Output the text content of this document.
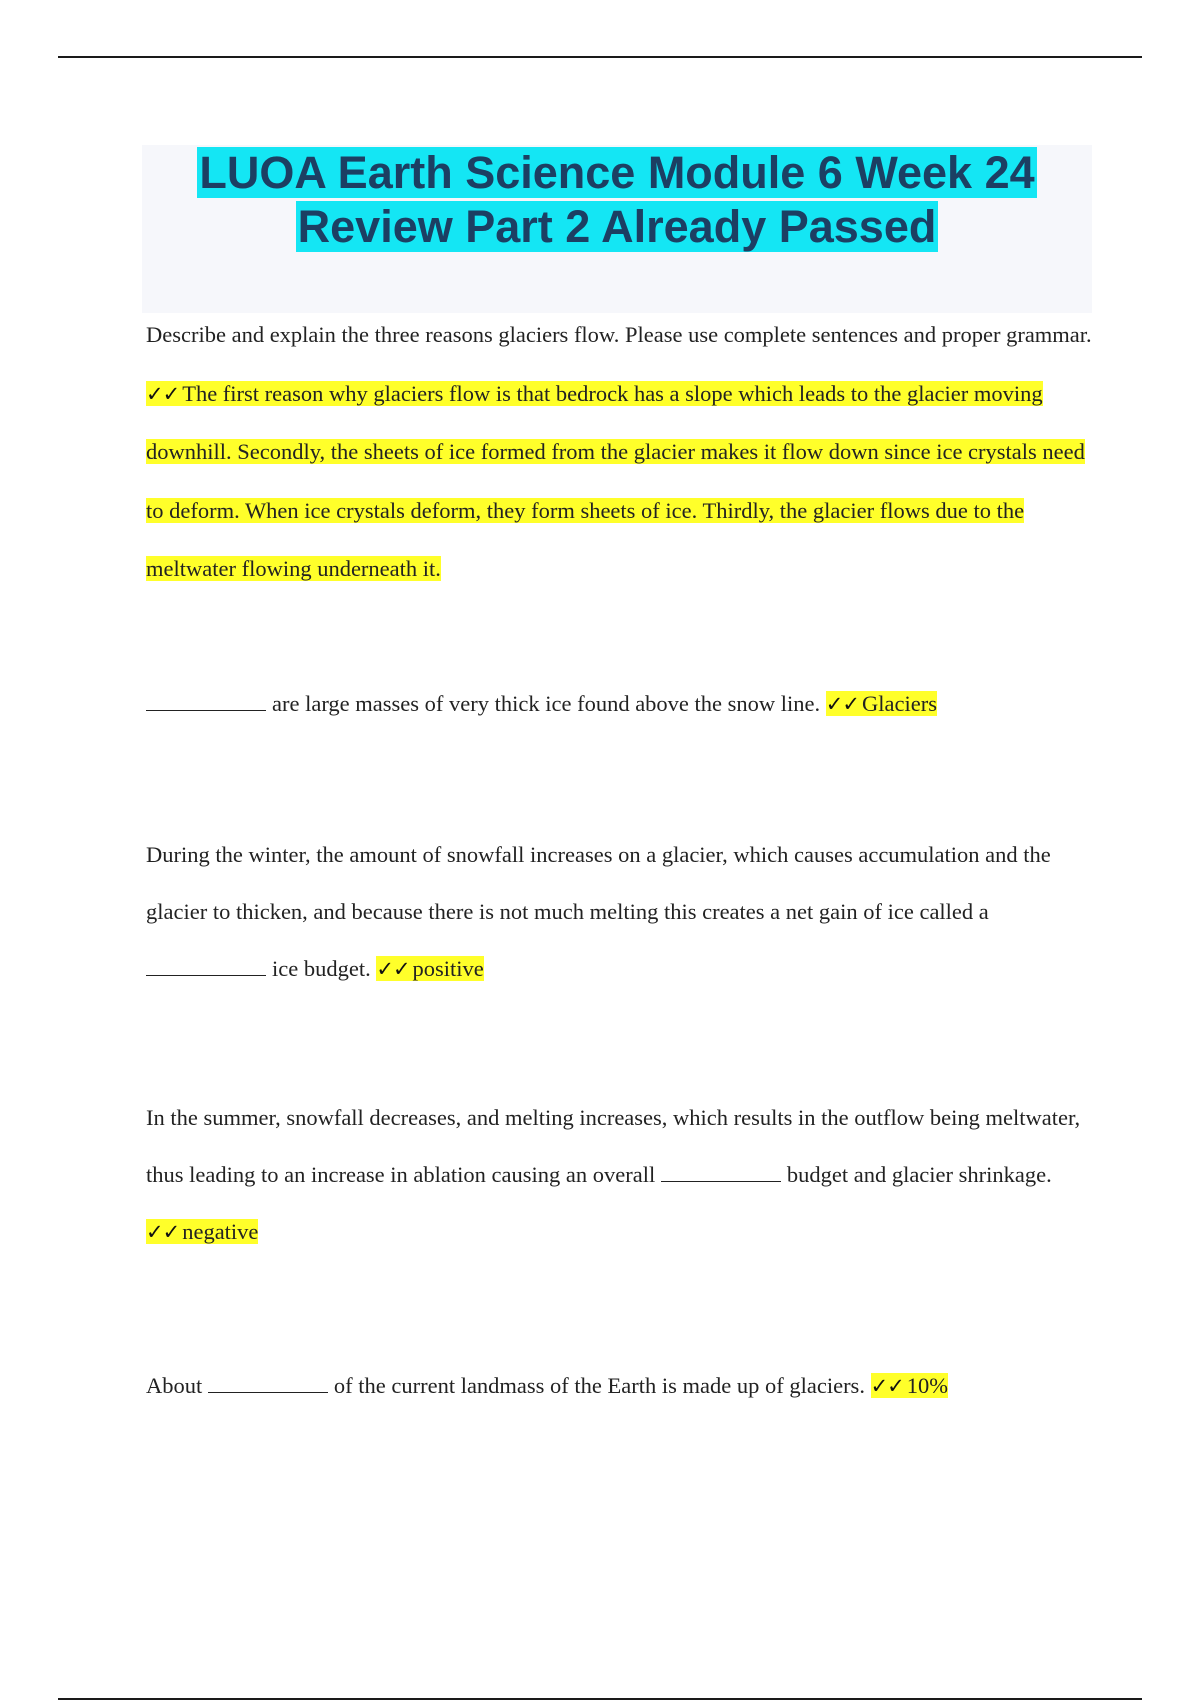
LUOA Earth Science Module 6 Week 24
Review Part 2 Already Passed
Describe and explain the three reasons glaciers flow. Please use complete sentences and proper grammar. ✓✓ The first reason why glaciers flow is that bedrock has a slope which leads to the glacier moving downhill. Secondly, the sheets of ice formed from the glacier makes it flow down since ice crystals need to deform. When ice crystals deform, they form sheets of ice. Thirdly, the glacier flows due to the meltwater flowing underneath it.
are large masses of very thick ice found above the snow line. ✓✓ Glaciers
During the winter, the amount of snowfall increases on a glacier, which causes accumulation and the glacier to thicken, and because there is not much melting this creates a net gain of ice called a ice budget. ✓✓ positive
In the summer, snowfall decreases, and melting increases, which results in the outflow being meltwater, thus leading to an increase in ablation causing an overall	budget and glacier shrinkage. ✓✓ negative
About	of the current landmass of the Earth is made up of glaciers. ✓✓ 10%
